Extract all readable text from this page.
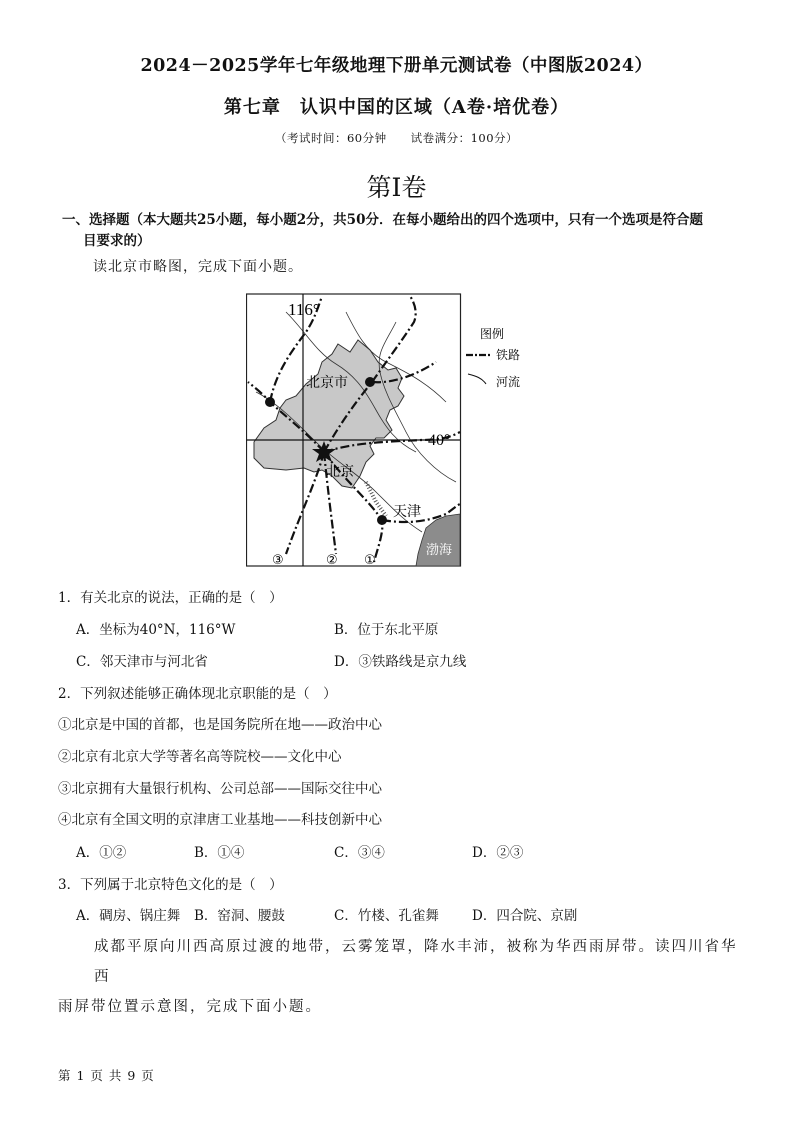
2024－2025学年七年级地理下册单元测试卷（中图版2024）
第七章　认识中国的区域（A卷·培优卷）
（考试时间：60分钟　　试卷满分：100分）
第I卷
一、选择题（本大题共25小题，每小题2分，共50分．在每小题给出的四个选项中，只有一个选项是符合题
目要求的）
读北京市略图，完成下面小题。
116°
40°
北京市
北京
天津
渤海
③	② ①
图例
铁路
河流
1．有关北京的说法，正确的是（　）
A．坐标为40°N，116°W	B．位于东北平原
C．邻天津市与河北省	D．③铁路线是京九线
2．下列叙述能够正确体现北京职能的是（　）
①北京是中国的首都，也是国务院所在地——政治中心
②北京有北京大学等著名高等院校——文化中心
③北京拥有大量银行机构、公司总部——国际交往中心
④北京有全国文明的京津唐工业基地——科技创新中心
A．①②	B．①④	C．③④	D．②③
3．下列属于北京特色文化的是（　）
A．碉房、锅庄舞 B．窑洞、腰鼓	C．竹楼、孔雀舞 D．四合院、京剧
成都平原向川西高原过渡的地带，云雾笼罩，降水丰沛，被称为华西雨屏带。读四川省华西
雨屏带位置示意图，完成下面小题。
第 1 页 共 9 页
